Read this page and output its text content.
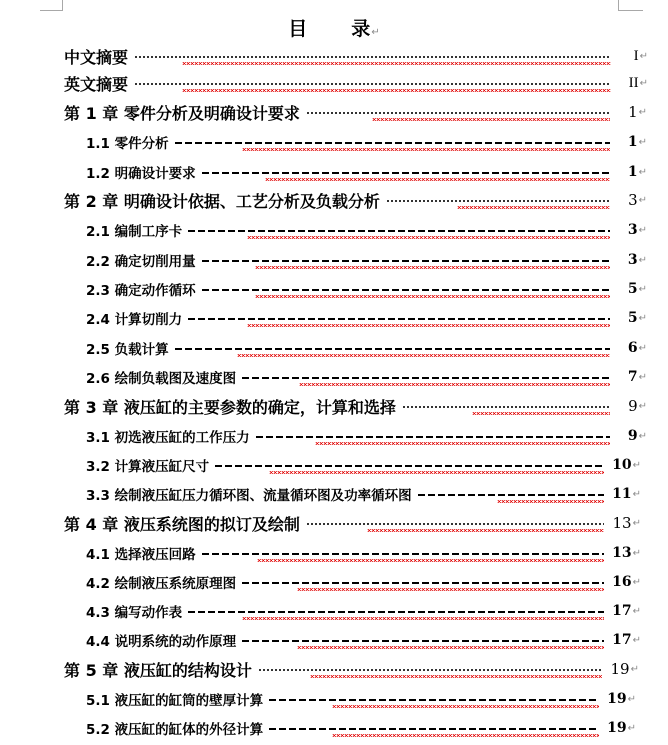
目 录↵
中文摘要	I ↵
英文摘要	II ↵
第 1 章 零件分析及明确设计要求	1 ↵
1.1 零件分析	1 ↵
1.2 明确设计要求	1 ↵
第 2 章 明确设计依据、工艺分析及负载分析	3 ↵
2.1 编制工序卡	3 ↵
2.2 确定切削用量	3 ↵
2.3 确定动作循环	5 ↵
2.4 计算切削力	5 ↵
2.5 负载计算	6 ↵
2.6 绘制负载图及速度图	7 ↵
第 3 章 液压缸的主要参数的确定，计算和选择	9 ↵
3.1 初选液压缸的工作压力	9 ↵
3.2 计算液压缸尺寸	10 ↵
3.3 绘制液压缸压力循环图、流量循环图及功率循环图	11 ↵
第 4 章 液压系统图的拟订及绘制	13 ↵
4.1 选择液压回路	13 ↵
4.2 绘制液压系统原理图	16 ↵
4.3 编写动作表	17 ↵
4.4 说明系统的动作原理	17 ↵
第 5 章 液压缸的结构设计	19 ↵
5.1 液压缸的缸筒的壁厚计算	19 ↵
5.2 液压缸的缸体的外径计算	19 ↵
